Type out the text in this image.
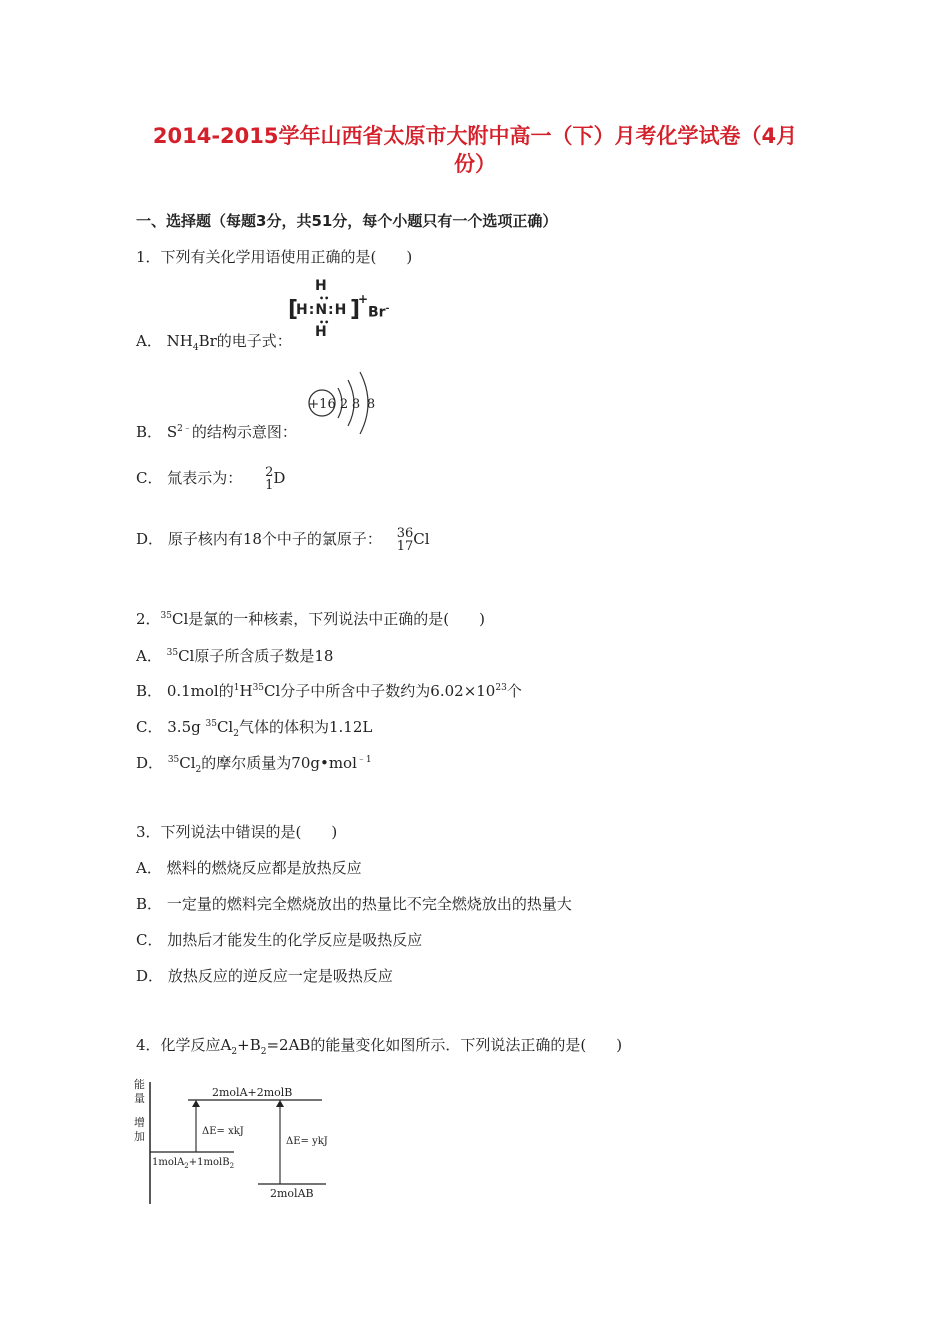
2014-2015学年山西省太原市大附中高一（下）月考化学试卷（4月
份）
一、选择题（每题3分，共51分，每个小题只有一个选项正确）
1．下列有关化学用语使用正确的是(　　)
A． $NH_4Br$的电子式：
H
[
H:N:H ]
+
Br-
H
••
••
B． $S^{2﹣}$的结构示意图：
+16 2 8 8
C． 氚表示为： 2
1 D
D． 原子核内有18个中子的氯原子： 36
17 Cl
2．$^{35}$Cl是氯的一种核素，下列说法中正确的是(　　)
A． $^{35}$Cl原子所含质子数是18
B． 0.1mol的$^1H^{35}Cl$分子中所含中子数约为$6.02\times 10^{23}$个
C． 3.5g $^{35}Cl_2$气体的体积为1.12L
D． $^{35}Cl_2$的摩尔质量为70g•mol$^{﹣1}$
3．下列说法中错误的是(　　)
A． 燃料的燃烧反应都是放热反应
B． 一定量的燃料完全燃烧放出的热量比不完全燃烧放出的热量大
C． 加热后才能发生的化学反应是吸热反应
D． 放热反应的逆反应一定是吸热反应
4．化学反应$A_2+B_2=2AB$的能量变化如图所示．下列说法正确的是(　　)
能
量
增
加
2molA+2molB
1molA$_2$+1molB$_2$
2molAB
ΔE= xkJ
ΔE= ykJ
